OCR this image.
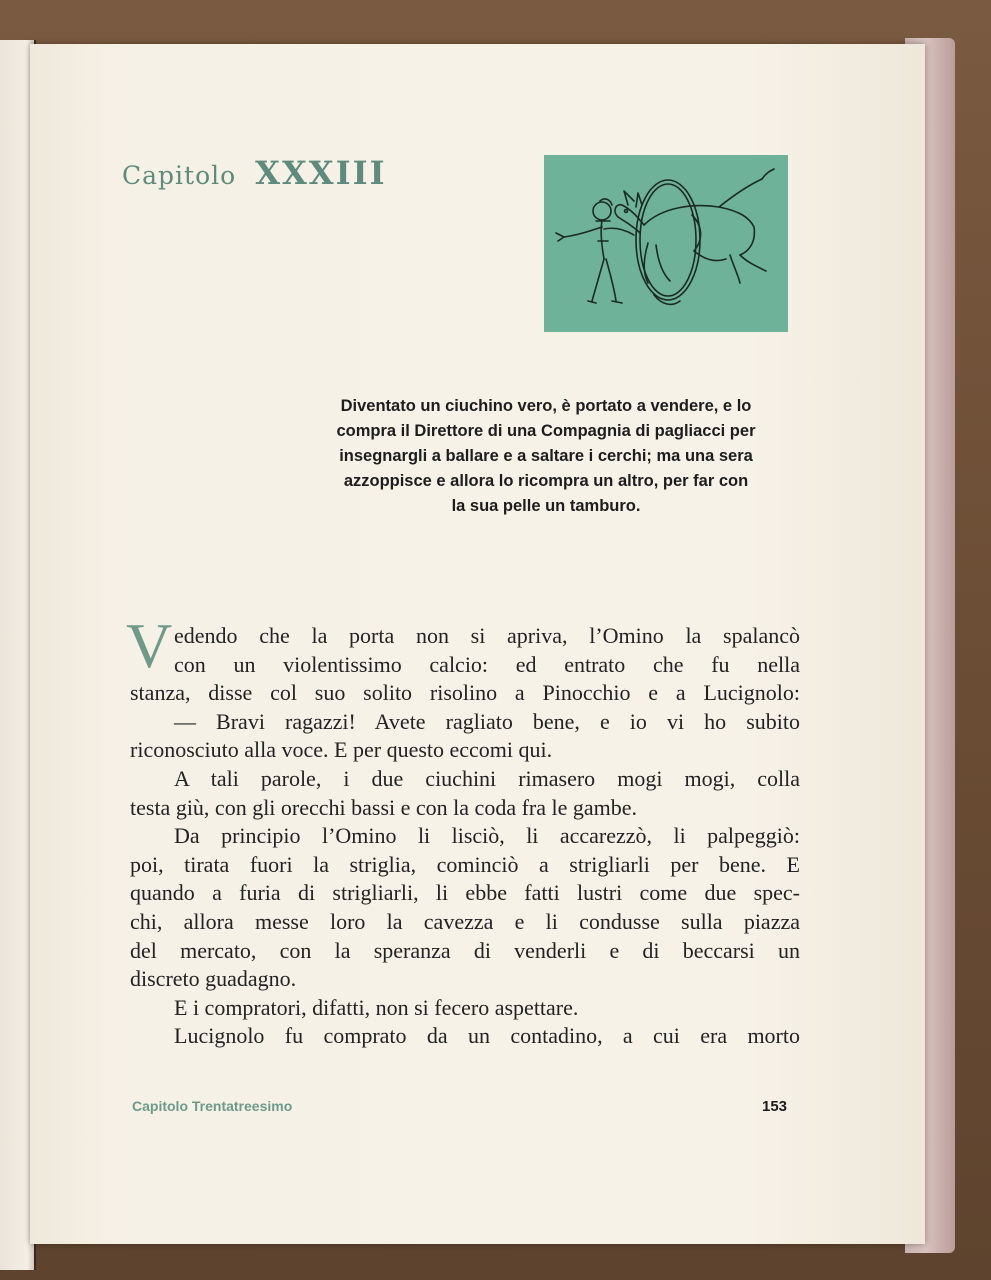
Capitolo XXXIII
Diventato un ciuchino vero, è portato a vendere, e lo
compra il Direttore di una Compagnia di pagliacci per
insegnargli a ballare e a saltare i cerchi; ma una sera
azzoppisce e allora lo ricompra un altro, per far con
la sua pelle un tamburo.
V edendo che la porta non si apriva, l’Omino la spalancò
con un violentissimo calcio: ed entrato che fu nella
stanza, disse col suo solito risolino a Pinocchio e a Lucignolo:
— Bravi ragazzi! Avete ragliato bene, e io vi ho subito
riconosciuto alla voce. E per questo eccomi qui.
A tali parole, i due ciuchini rimasero mogi mogi, colla
testa giù, con gli orecchi bassi e con la coda fra le gambe.
Da principio l’Omino li lisciò, li accarezzò, li palpeggiò:
poi, tirata fuori la striglia, cominciò a strigliarli per bene. E
quando a furia di strigliarli, li ebbe fatti lustri come due spec-
chi, allora messe loro la cavezza e li condusse sulla piazza
del mercato, con la speranza di venderli e di beccarsi un
discreto guadagno.
E i compratori, difatti, non si fecero aspettare.
Lucignolo fu comprato da un contadino, a cui era morto
Capitolo Trentatreesimo	153
